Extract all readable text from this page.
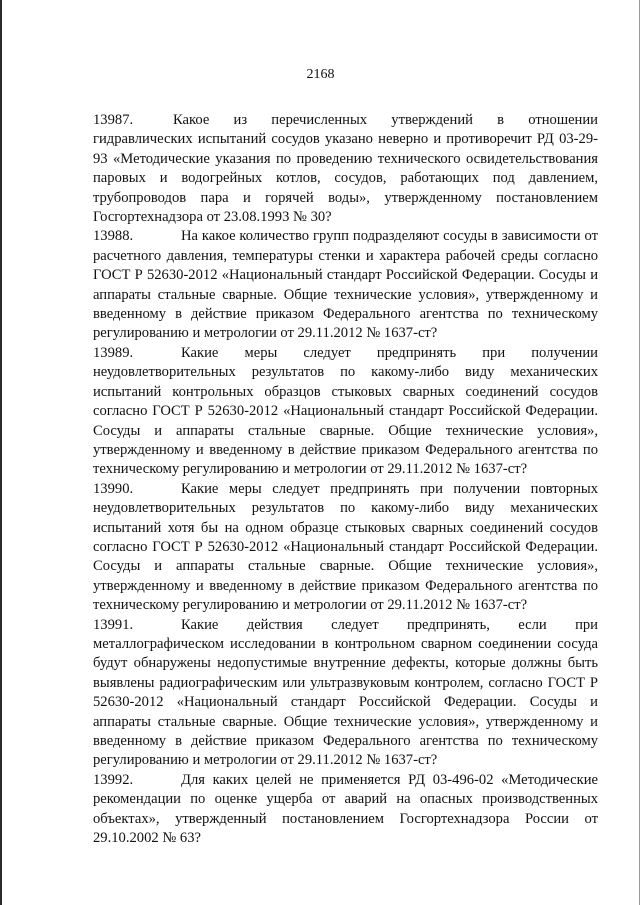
2168

13987.	Какое из перечисленных утверждений в отношении гидравлических испытаний сосудов указано неверно и противоречит РД 03-29-93 «Методические указания по проведению технического освидетельствования паровых и водогрейных котлов, сосудов, работающих под давлением, трубопроводов пара и горячей воды», утвержденному постановлением Госгортехнадзора от 23.08.1993 № 30?

13988.	На какое количество групп подразделяют сосуды в зависимости от расчетного давления, температуры стенки и характера рабочей среды согласно ГОСТ Р 52630-2012 «Национальный стандарт Российской Федерации. Сосуды и аппараты стальные сварные. Общие технические условия», утвержденному и введенному в действие приказом Федерального агентства по техническому регулированию и метрологии от 29.11.2012 № 1637-ст?

13989.	Какие меры следует предпринять при получении неудовлетворительных результатов по какому-либо виду механических испытаний контрольных образцов стыковых сварных соединений сосудов согласно ГОСТ Р 52630-2012 «Национальный стандарт Российской Федерации. Сосуды и аппараты стальные сварные. Общие технические условия», утвержденному и введенному в действие приказом Федерального агентства по техническому регулированию и метрологии от 29.11.2012 № 1637-ст?

13990.	Какие меры следует предпринять при получении повторных неудовлетворительных результатов по какому-либо виду механических испытаний хотя бы на одном образце стыковых сварных соединений сосудов согласно ГОСТ Р 52630-2012 «Национальный стандарт Российской Федерации. Сосуды и аппараты стальные сварные. Общие технические условия», утвержденному и введенному в действие приказом Федерального агентства по техническому регулированию и метрологии от 29.11.2012 № 1637-ст?

13991.	Какие действия следует предпринять, если при металлографическом исследовании в контрольном сварном соединении сосуда будут обнаружены недопустимые внутренние дефекты, которые должны быть выявлены радиографическим или ультразвуковым контролем, согласно ГОСТ Р 52630-2012 «Национальный стандарт Российской Федерации. Сосуды и аппараты стальные сварные. Общие технические условия», утвержденному и введенному в действие приказом Федерального агентства по техническому регулированию и метрологии от 29.11.2012 № 1637-ст?

13992.	Для каких целей не применяется РД 03-496-02 «Методические рекомендации по оценке ущерба от аварий на опасных производственных объектах», утвержденный постановлением Госгортехнадзора России от 29.10.2002 № 63?
